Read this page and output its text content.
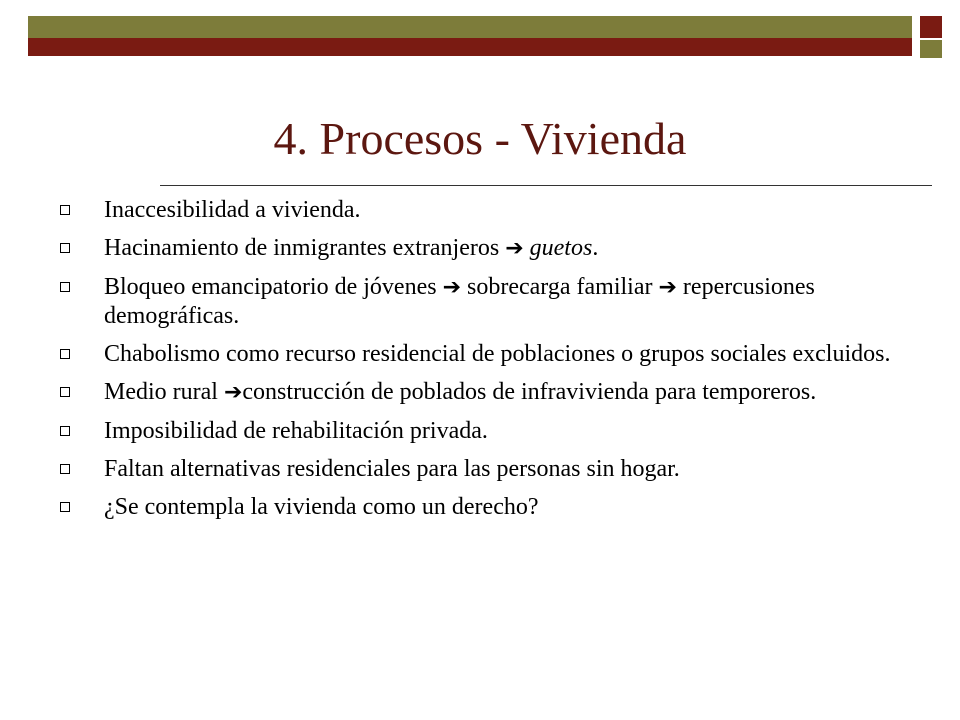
4. Procesos - Vivienda
Inaccesibilidad a vivienda.
Hacinamiento de inmigrantes extranjeros ➔ guetos.
Bloqueo emancipatorio de jóvenes ➔ sobrecarga familiar ➔ repercusiones demográficas.
Chabolismo como recurso residencial de poblaciones o grupos sociales excluidos.
Medio rural ➔construcción de poblados de infravivienda para temporeros.
Imposibilidad de rehabilitación privada.
Faltan alternativas residenciales para las personas sin hogar.
¿Se contempla la vivienda como un derecho?
